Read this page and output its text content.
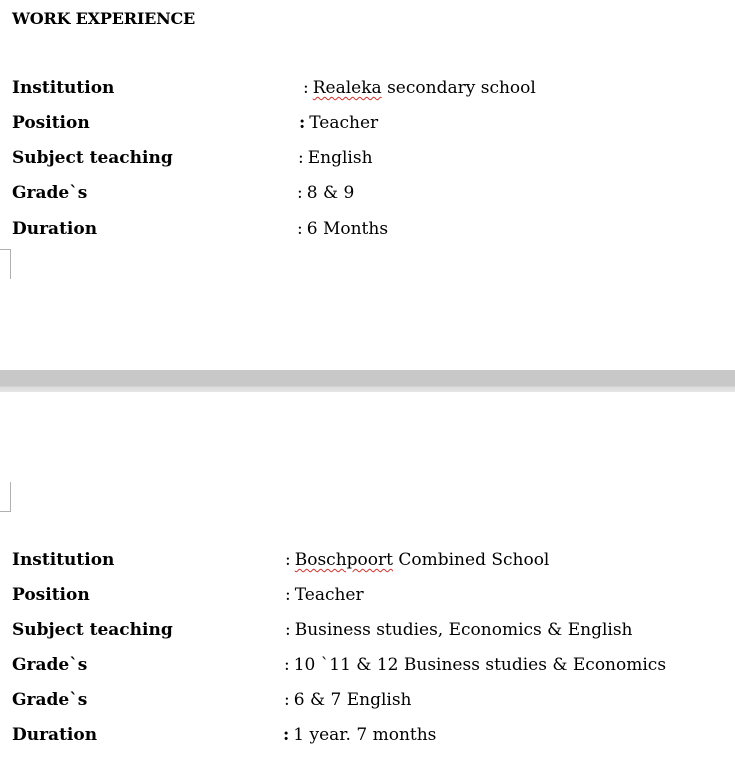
WORK EXPERIENCE
Institution	: Realeka secondary school
Position	: Teacher
Subject teaching	: English
Grade`s	: 8 & 9
Duration	: 6 Months
Institution	: Boschpoort Combined School
Position	: Teacher
Subject teaching	: Business studies, Economics & English
Grade`s	: 10 `11 & 12 Business studies & Economics
Grade`s	: 6 & 7 English
Duration	: 1 year. 7 months
